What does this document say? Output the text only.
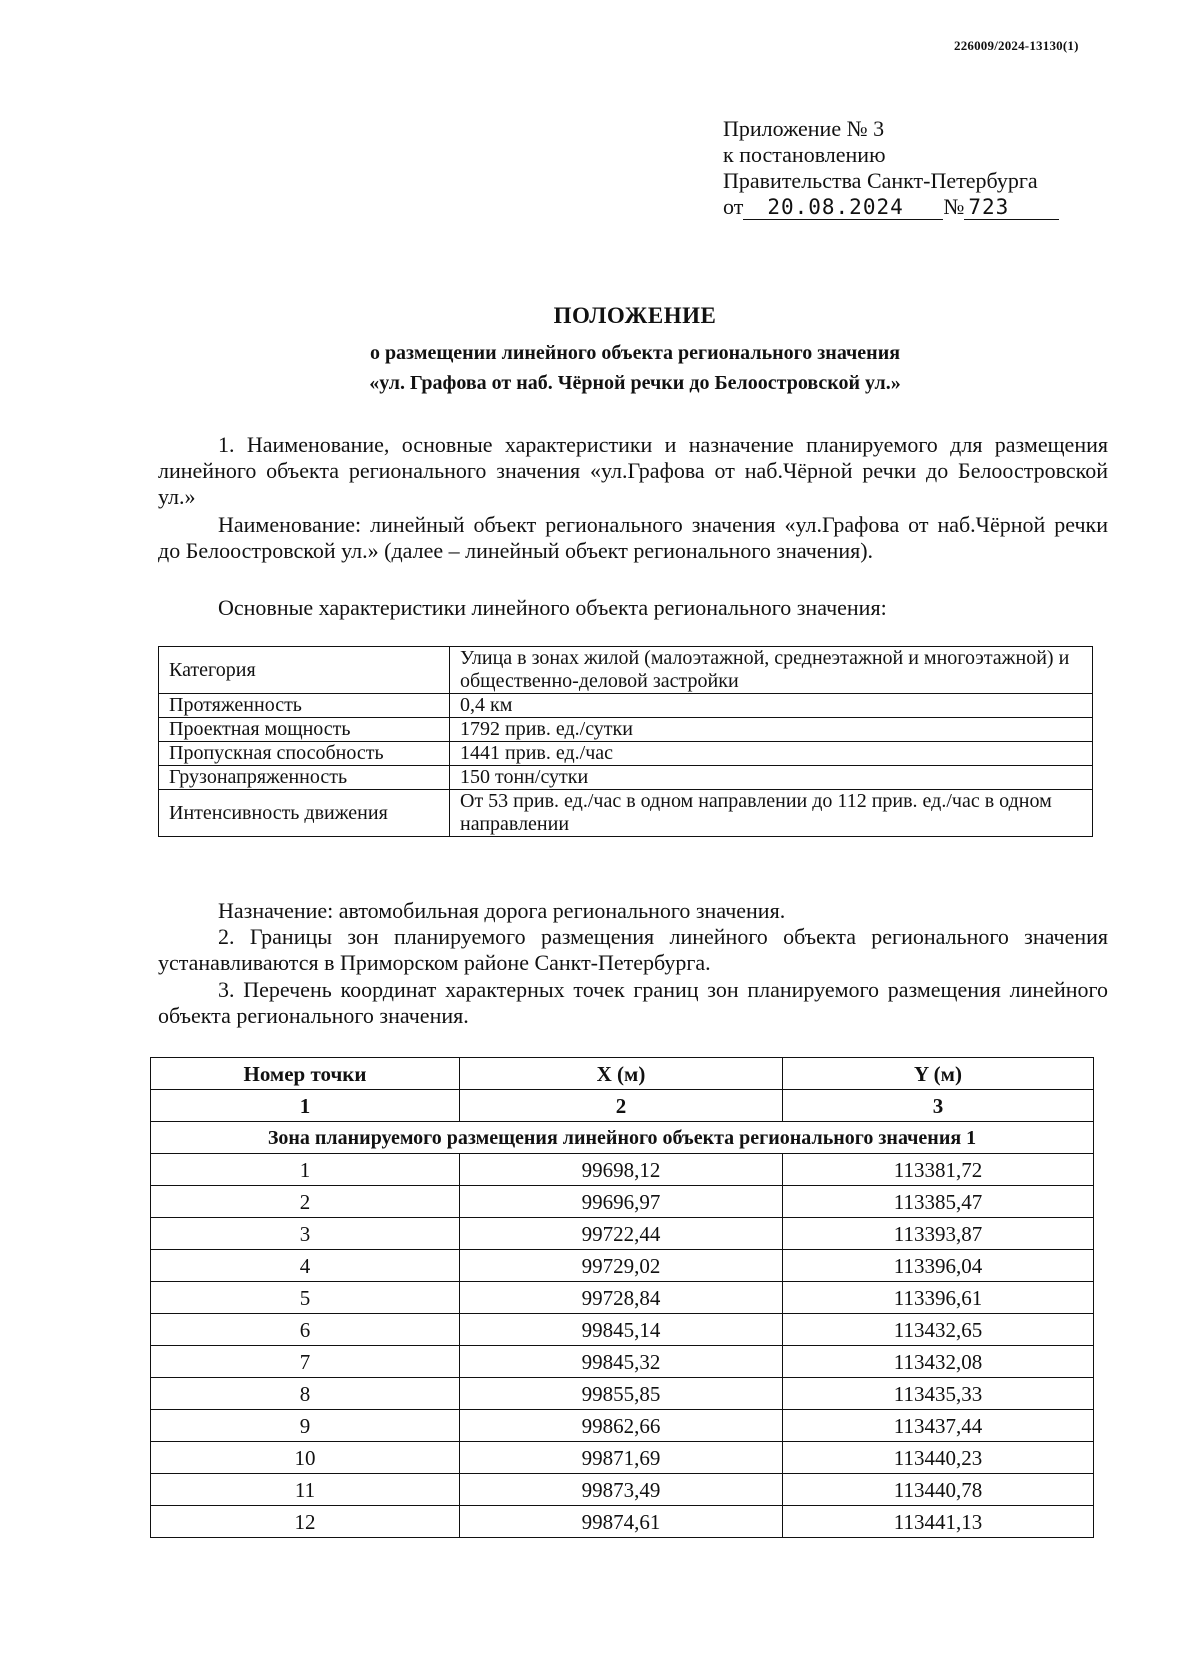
226009/2024-13130(1)
Приложение № 3
к постановлению
Правительства Санкт-Петербурга
от	20.08.2024	№ 723
ПОЛОЖЕНИЕ
о размещении линейного объекта регионального значения
«ул. Графова от наб. Чёрной речки до Белоостровской ул.»
1. Наименование, основные характеристики и назначение планируемого для размещения линейного объекта регионального значения «ул.Графова от наб.Чёрной речки до Белоостровской ул.»
Наименование: линейный объект регионального значения «ул.Графова от наб.Чёрной речки до Белоостровской ул.» (далее – линейный объект регионального значения).
Основные характеристики линейного объекта регионального значения:
Категория	Улица в зонах жилой (малоэтажной, среднеэтажной и многоэтажной) и общественно-деловой застройки
Протяженность	0,4 км
Проектная мощность	1792 прив. ед./сутки
Пропускная способность	1441 прив. ед./час
Грузонапряженность	150 тонн/сутки
Интенсивность движения	От 53 прив. ед./час в одном направлении до 112 прив. ед./час в одном направлении
Назначение: автомобильная дорога регионального значения.
2. Границы зон планируемого размещения линейного объекта регионального значения устанавливаются в Приморском районе Санкт-Петербурга.
3. Перечень координат характерных точек границ зон планируемого размещения линейного объекта регионального значения.
Номер точки	X (м)	Y (м)
1	2	3
Зона планируемого размещения линейного объекта регионального значения 1		
1	99698,12	113381,72
2	99696,97	113385,47
3	99722,44	113393,87
4	99729,02	113396,04
5	99728,84	113396,61
6	99845,14	113432,65
7	99845,32	113432,08
8	99855,85	113435,33
9	99862,66	113437,44
10	99871,69	113440,23
11	99873,49	113440,78
12	99874,61	113441,13
